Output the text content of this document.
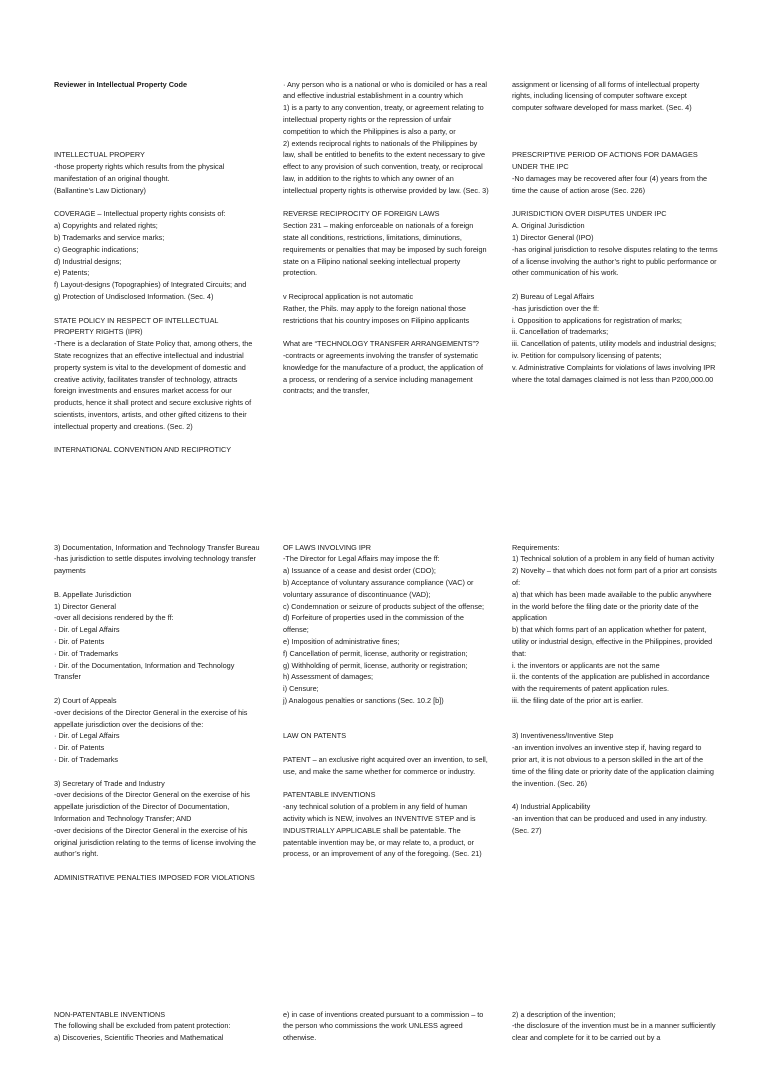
Reviewer in Intellectual Property Code

INTELLECTUAL PROPERY
-those property rights which results from the physical manifestation of an original thought.
(Ballantine’s Law Dictionary)
COVERAGE – Intellectual property rights consists of:
a) Copyrights and related rights;
b) Trademarks and service marks;
c) Geographic indications;
d) Industrial designs;
e) Patents;
f) Layout-designs (Topographies) of Integrated Circuits; and
g) Protection of Undisclosed Information. (Sec. 4)
STATE POLICY IN RESPECT OF INTELLECTUAL PROPERTY RIGHTS (IPR)
-There is a declaration of State Policy that, among others, the State recognizes that an effective intellectual and industrial property system is vital to the development of domestic and creative activity, facilitates transfer of technology, attracts foreign investments and ensures market access for our products, hence it shall protect and secure exclusive rights of scientists, inventors, artists, and other gifted citizens to their intellectual property and creations. (Sec. 2)
INTERNATIONAL CONVENTION AND RECIPROTICY

· Any person who is a national or who is domiciled or has a real and effective industrial establishment in a country which
1) is a party to any convention, treaty, or agreement relating to intellectual property rights or the repression of unfair competition to which the Philippines is also a party, or
2) extends reciprocal rights to nationals of the Philippines by law, shall be entitled to benefits to the extent necessary to give effect to any provision of such convention, treaty, or reciprocal law, in addition to the rights to which any owner of an intellectual property rights is otherwise provided by law. (Sec. 3)
REVERSE RECIPROCITY OF FOREIGN LAWS
Section 231 – making enforceable on nationals of a foreign state all conditions, restrictions, limitations, diminutions, requirements or penalties that may be imposed by such foreign state on a Filipino national seeking intellectual property protection.
v Reciprocal application is not automatic
Rather, the Phils. may apply to the foreign national those restrictions that his country imposes on Filipino applicants
What are “TECHNOLOGY TRANSFER ARRANGEMENTS”?
-contracts or agreements involving the transfer of systematic knowledge for the manufacture of a product, the application of a process, or rendering of a service including management contracts; and the transfer,

assignment or licensing of all forms of intellectual property rights, including licensing of computer software except computer software developed for mass market. (Sec. 4)
PRESCRIPTIVE PERIOD OF ACTIONS FOR DAMAGES UNDER THE IPC
-No damages may be recovered after four (4) years from the time the cause of action arose (Sec. 226)
JURISDICTION OVER DISPUTES UNDER IPC
A. Original Jurisdiction
1) Director General (IPO)
-has original jurisdiction to resolve disputes relating to the terms of a license involving the author’s right to public performance or other communication of his work.
2) Bureau of Legal Affairs
-has jurisdiction over the ff:
i. Opposition to applications for registration of marks;
ii. Cancellation of trademarks;
iii. Cancellation of patents, utility models and industrial designs;
iv. Petition for compulsory licensing of patents;
v. Administrative Complaints for violations of laws involving IPR where the total damages claimed is not less than P200,000.00

3) Documentation, Information and Technology Transfer Bureau
-has jurisdiction to settle disputes involving technology transfer payments
B. Appellate Jurisdiction
1) Director General
-over all decisions rendered by the ff:
· Dir. of Legal Affairs
· Dir. of Patents
· Dir. of Trademarks
· Dir. of the Documentation, Information and Technology Transfer
2) Court of Appeals
-over decisions of the Director General in the exercise of his appellate jurisdiction over the decisions of the:
· Dir. of Legal Affairs
· Dir. of Patents
· Dir. of Trademarks
3) Secretary of Trade and Industry
-over decisions of the Director General on the exercise of his appellate jurisdiction of the Director of Documentation, Information and Technology Transfer; AND
-over decisions of the Director General in the exercise of his original jurisdiction relating to the terms of license involving the author’s right.
ADMINISTRATIVE PENALTIES IMPOSED FOR VIOLATIONS

OF LAWS INVOLVING IPR
-The Director for Legal Affairs may impose the ff:
a) Issuance of a cease and desist order (CDO);
b) Acceptance of voluntary assurance compliance (VAC) or voluntary assurance of discontinuance (VAD);
c) Condemnation or seizure of products subject of the offense;
d) Forfeiture of properties used in the commission of the offense;
e) Imposition of administrative fines;
f) Cancellation of permit, license, authority or registration;
g) Withholding of permit, license, authority or registration;
h) Assessment of damages;
i) Censure;
j) Analogous penalties or sanctions (Sec. 10.2 [b])
LAW ON PATENTS
PATENT – an exclusive right acquired over an invention, to sell, use, and make the same whether for commerce or industry.
PATENTABLE INVENTIONS
-any technical solution of a problem in any field of human activity which is NEW, involves an INVENTIVE STEP and is INDUSTRIALLY APPLICABLE shall be patentable. The patentable invention may be, or may relate to, a product, or process, or an improvement of any of the foregoing. (Sec. 21)

Requirements:
1) Technical solution of a problem in any field of human activity
2) Novelty – that which does not form part of a prior art consists of:
a) that which has been made available to the public anywhere in the world before the filing date or the priority date of the application
b) that which forms part of an application whether for patent, utility or industrial design, effective in the Philippines, provided that:
i. the inventors or applicants are not the same
ii. the contents of the application are published in accordance with the requirements of patent application rules.
iii. the filing date of the prior art is earlier.
3) Inventiveness/Inventive Step
-an invention involves an inventive step if, having regard to prior art, it is not obvious to a person skilled in the art of the time of the filing date or priority date of the application claiming the invention. (Sec. 26)
4) Industrial Applicability
-an invention that can be produced and used in any industry. (Sec. 27)

NON-PATENTABLE INVENTIONS
The following shall be excluded from patent protection:
a) Discoveries, Scientific Theories and Mathematical

e) in case of inventions created pursuant to a commission – to the person who commissions the work UNLESS agreed otherwise.

2) a description of the invention;
-the disclosure of the invention must be in a manner sufficiently clear and complete for it to be carried out by a
